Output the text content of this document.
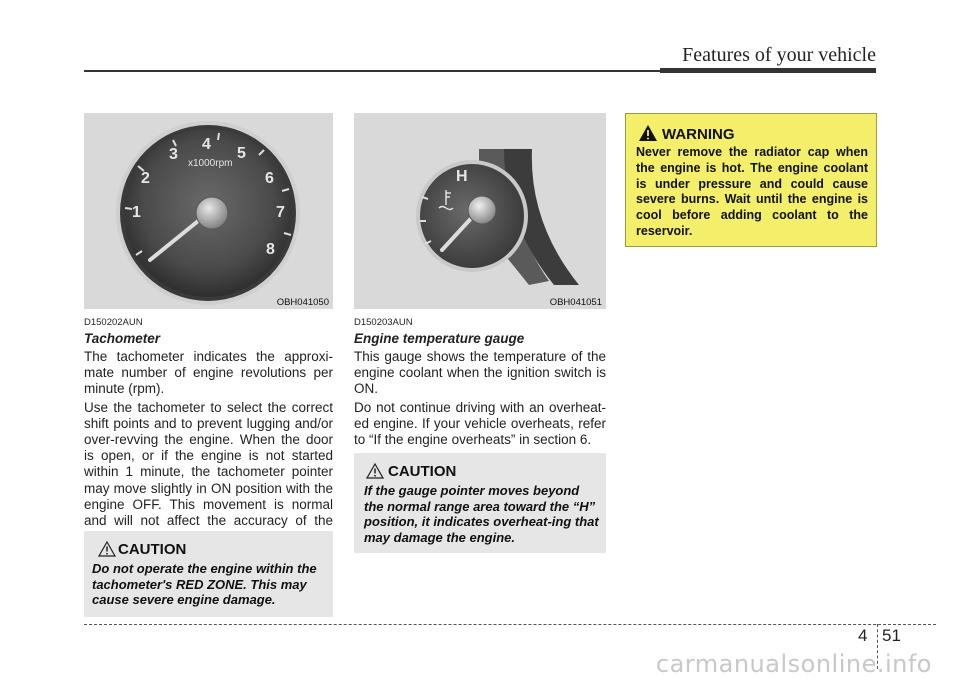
Features of your vehicle
1
2
3
4
5
6
7
8
x1000rpm
OBH041050
D150202AUN
Tachometer

The tachometer indicates the approxi-mate number of engine revolutions per minute (rpm).

Use the tachometer to select the correct shift points and to prevent lugging and/or over-revving the engine. When the door is open, or if the engine is not started within 1 minute, the tachometer pointer may move slightly in ON position with the engine OFF. This movement is normal and will not affect the accuracy of the

CAUTION
Do not operate the engine within the tachometer's RED ZONE. This may cause severe engine damage.
H
OBH041051
D150203AUN
Engine temperature gauge

This gauge shows the temperature of the engine coolant when the ignition switch is ON.

Do not continue driving with an overheat-ed engine. If your vehicle overheats, refer to “If the engine overheats” in section 6.

CAUTION
If the gauge pointer moves beyond the normal range area toward the “H” position, it indicates overheat-ing that may damage the engine.
WARNING
Never remove the radiator cap when the engine is hot. The engine coolant is under pressure and could cause severe burns. Wait until the engine is cool before adding coolant to the reservoir.
4 51
carmanualsonline.info
